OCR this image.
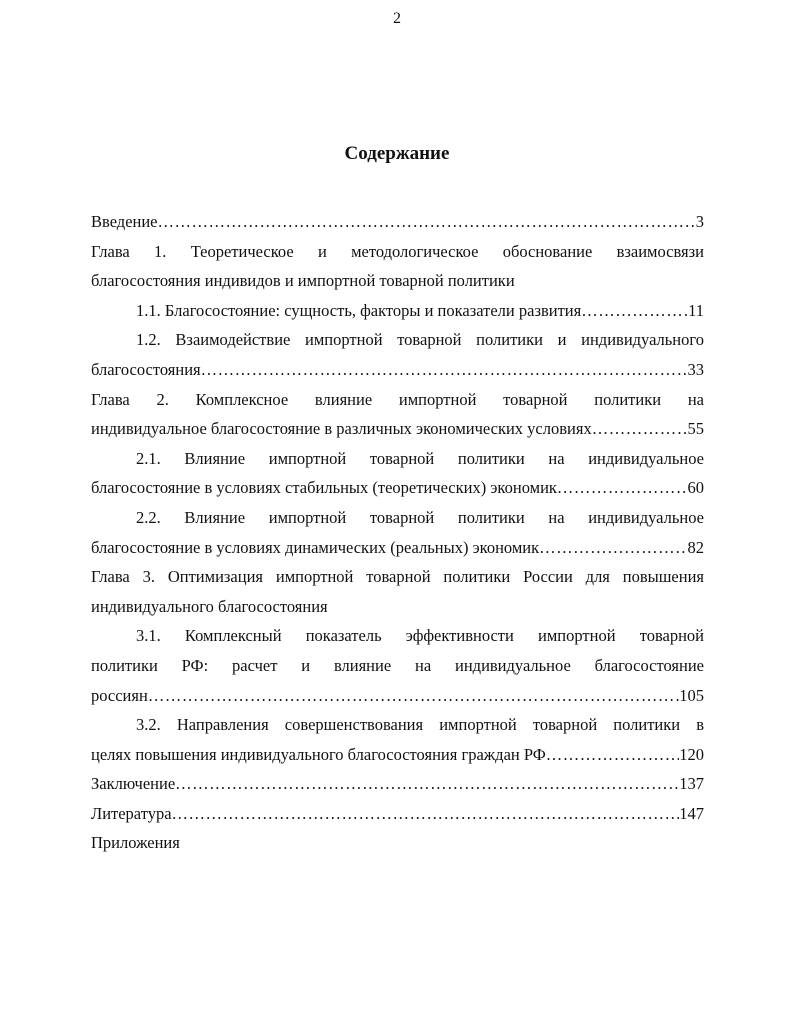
2
Содержание
Введение ………………………………………………………………………………………………………………………………………………………………………………………………	3
Глава 1. Теоретическое и методологическое обоснование взаимосвязи
благосостояния индивидов и импортной товарной политики
1.1. Благосостояние: сущность, факторы и показатели развития ………………………………………………………………………………………………………………………………………………………………………………………………	11
1.2. Взаимодействие импортной товарной политики и индивидуального
благосостояния ………………………………………………………………………………………………………………………………………………………………………………………………	33
Глава 2. Комплексное влияние импортной товарной политики на
индивидуальное благосостояние в различных экономических условиях ………………………………………………………………………………………………………………………………………………………………………………………………	55
2.1. Влияние импортной товарной политики на индивидуальное
благосостояние в условиях стабильных (теоретических) экономик ………………………………………………………………………………………………………………………………………………………………………………………………	60
2.2. Влияние импортной товарной политики на индивидуальное
благосостояние в условиях динамических (реальных) экономик ………………………………………………………………………………………………………………………………………………………………………………………………	82
Глава 3. Оптимизация импортной товарной политики России для повышения
индивидуального благосостояния
3.1. Комплексный показатель эффективности импортной товарной
политики РФ: расчет и влияние на индивидуальное благосостояние
россиян ………………………………………………………………………………………………………………………………………………………………………………………………	105
3.2. Направления совершенствования импортной товарной политики в
целях повышения индивидуального благосостояния граждан РФ ………………………………………………………………………………………………………………………………………………………………………………………………	120
Заключение ………………………………………………………………………………………………………………………………………………………………………………………………	137
Литература ………………………………………………………………………………………………………………………………………………………………………………………………	147
Приложения
